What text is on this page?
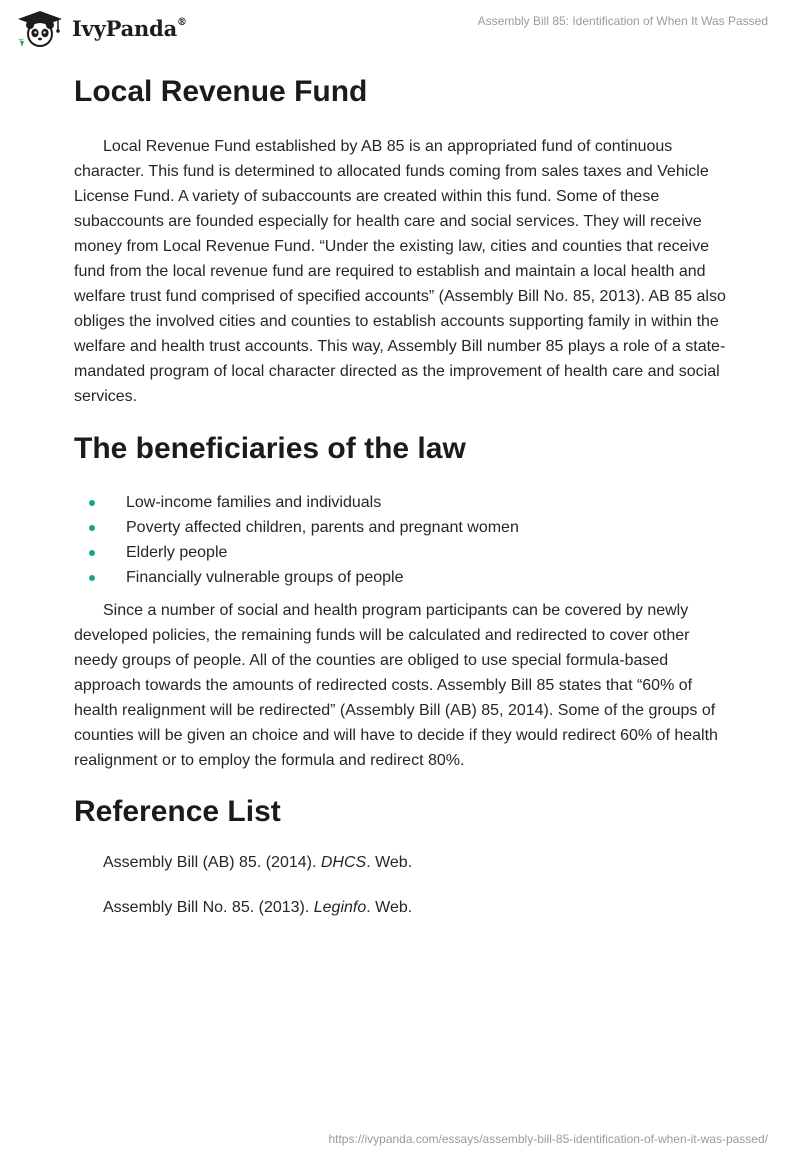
IvyPanda®	Assembly Bill 85: Identification of When It Was Passed
Local Revenue Fund

Local Revenue Fund established by AB 85 is an appropriated fund of continuous character. This fund is determined to allocated funds coming from sales taxes and Vehicle License Fund. A variety of subaccounts are created within this fund. Some of these subaccounts are founded especially for health care and social services. They will receive money from Local Revenue Fund. “Under the existing law, cities and counties that receive fund from the local revenue fund are required to establish and maintain a local health and welfare trust fund comprised of specified accounts” (Assembly Bill No. 85, 2013). AB 85 also obliges the involved cities and counties to establish accounts supporting family in within the welfare and health trust accounts. This way, Assembly Bill number 85 plays a role of a state-mandated program of local character directed as the improvement of health care and social services.

The beneficiaries of the law
Low-income families and individuals
Poverty affected children, parents and pregnant women
Elderly people
Financially vulnerable groups of people

Since a number of social and health program participants can be covered by newly developed policies, the remaining funds will be calculated and redirected to cover other needy groups of people. All of the counties are obliged to use special formula-based approach towards the amounts of redirected costs. Assembly Bill 85 states that “60% of health realignment will be redirected” (Assembly Bill (AB) 85, 2014). Some of the groups of counties will be given an choice and will have to decide if they would redirect 60% of health realignment or to employ the formula and redirect 80%.

Reference List

Assembly Bill (AB) 85. (2014). DHCS. Web.

Assembly Bill No. 85. (2013). Leginfo. Web.

https://ivypanda.com/essays/assembly-bill-85-identification-of-when-it-was-passed/
